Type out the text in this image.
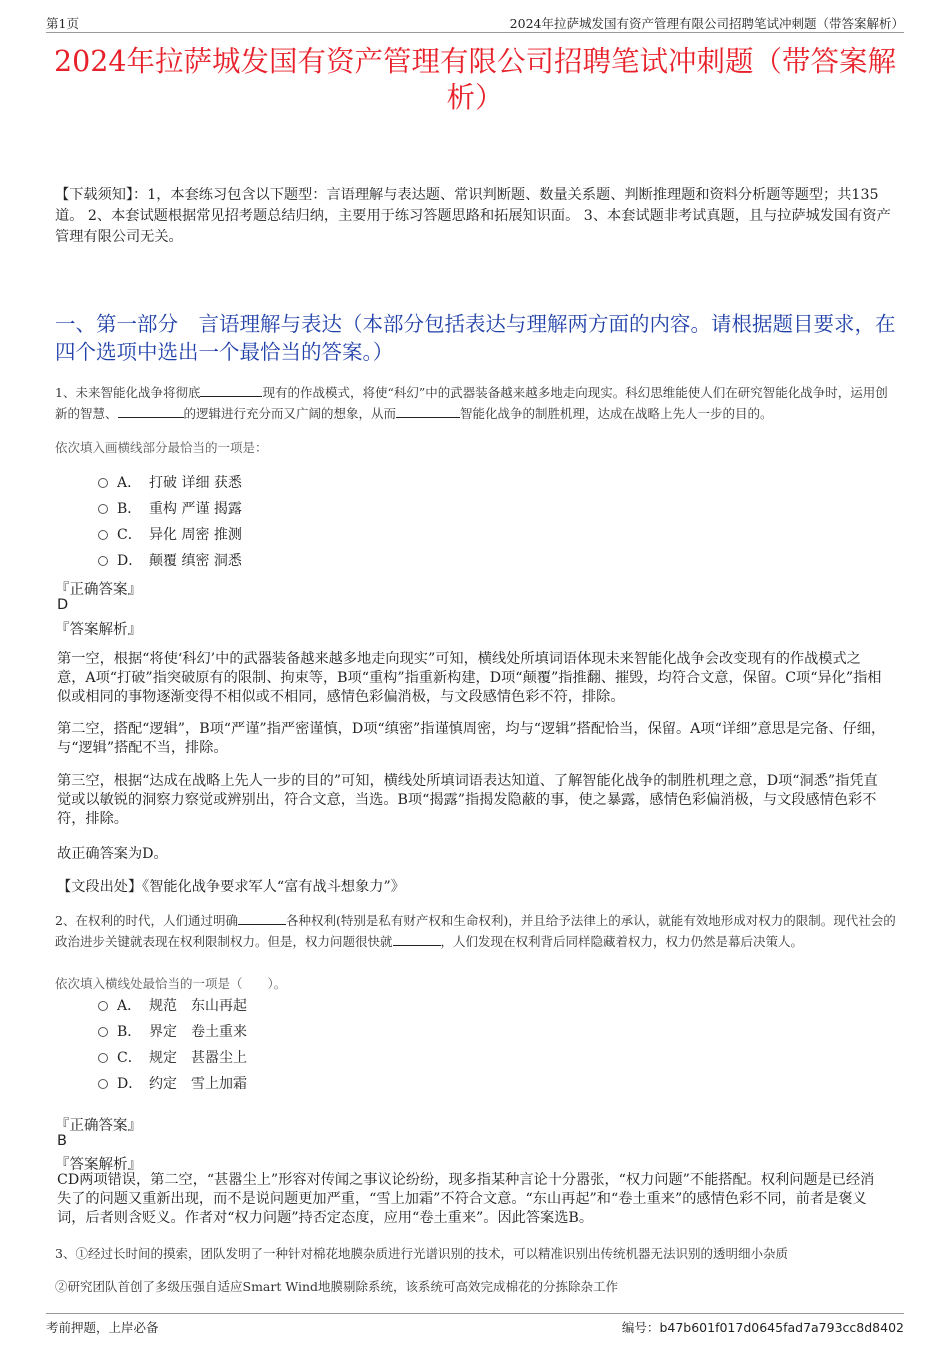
第1页	2024年拉萨城发国有资产管理有限公司招聘笔试冲刺题（带答案解析）
2024年拉萨城发国有资产管理有限公司招聘笔试冲刺题（带答案解析）
【下载须知】：1，本套练习包含以下题型：言语理解与表达题、常识判断题、数量关系题、判断推理题和资料分析题等题型；共135道。 2、本套试题根据常见招考题总结归纳，主要用于练习答题思路和拓展知识面。 3、本套试题非考试真题，且与拉萨城发国有资产管理有限公司无关。
一、第一部分　言语理解与表达（本部分包括表达与理解两方面的内容。请根据题目要求，在四个选项中选出一个最恰当的答案。）
1、未来智能化战争将彻底	现有的作战模式，将使“科幻”中的武器装备越来越多地走向现实。科幻思维能使人们在研究智能化战争时，运用创新的智慧、	的逻辑进行充分而又广阔的想象，从而	智能化战争的制胜机理，达成在战略上先人一步的目的。
依次填入画横线部分最恰当的一项是：
A． 打破 详细 获悉
B． 重构 严谨 揭露
C． 异化 周密 推测
D． 颠覆 缜密 洞悉
『正确答案』
D
『答案解析』
第一空，根据“将使‘科幻’中的武器装备越来越多地走向现实”可知，横线处所填词语体现未来智能化战争会改变现有的作战模式之意，A项“打破”指突破原有的限制、拘束等，B项“重构”指重新构建，D项“颠覆”指推翻、摧毁，均符合文意，保留。C项“异化”指相似或相同的事物逐渐变得不相似或不相同，感情色彩偏消极，与文段感情色彩不符，排除。
第二空，搭配“逻辑”，B项“严谨”指严密谨慎，D项“缜密”指谨慎周密，均与“逻辑”搭配恰当，保留。A项“详细”意思是完备、仔细，与“逻辑”搭配不当，排除。
第三空，根据“达成在战略上先人一步的目的”可知，横线处所填词语表达知道、了解智能化战争的制胜机理之意，D项“洞悉”指凭直觉或以敏锐的洞察力察觉或辨别出，符合文意，当选。B项“揭露”指揭发隐蔽的事，使之暴露，感情色彩偏消极，与文段感情色彩不符，排除。
故正确答案为D。
【文段出处】《智能化战争要求军人“富有战斗想象力”》
2、在权利的时代，人们通过明确	各种权利(特别是私有财产权和生命权利)，并且给予法律上的承认，就能有效地形成对权力的限制。现代社会的政治进步关键就表现在权利限制权力。但是，权力问题很快就	，人们发现在权利背后同样隐藏着权力，权力仍然是幕后决策人。
依次填入横线处最恰当的一项是（　　）。
A． 规范　东山再起
B． 界定　卷土重来
C． 规定　甚嚣尘上
D． 约定　雪上加霜
『正确答案』
B
『答案解析』
CD两项错误，第二空，“甚嚣尘上”形容对传闻之事议论纷纷，现多指某种言论十分嚣张，“权力问题”不能搭配。权利问题是已经消失了的问题又重新出现，而不是说问题更加严重，“雪上加霜”不符合文意。“东山再起”和“卷土重来”的感情色彩不同，前者是褒义词，后者则含贬义。作者对“权力问题”持否定态度，应用“卷土重来”。因此答案选B。
3、①经过长时间的摸索，团队发明了一种针对棉花地膜杂质进行光谱识别的技术，可以精准识别出传统机器无法识别的透明细小杂质
②研究团队首创了多级压强自适应Smart Wind地膜剔除系统，该系统可高效完成棉花的分拣除杂工作
考前押题，上岸必备	编号：b47b601f017d0645fad7a793cc8d8402
